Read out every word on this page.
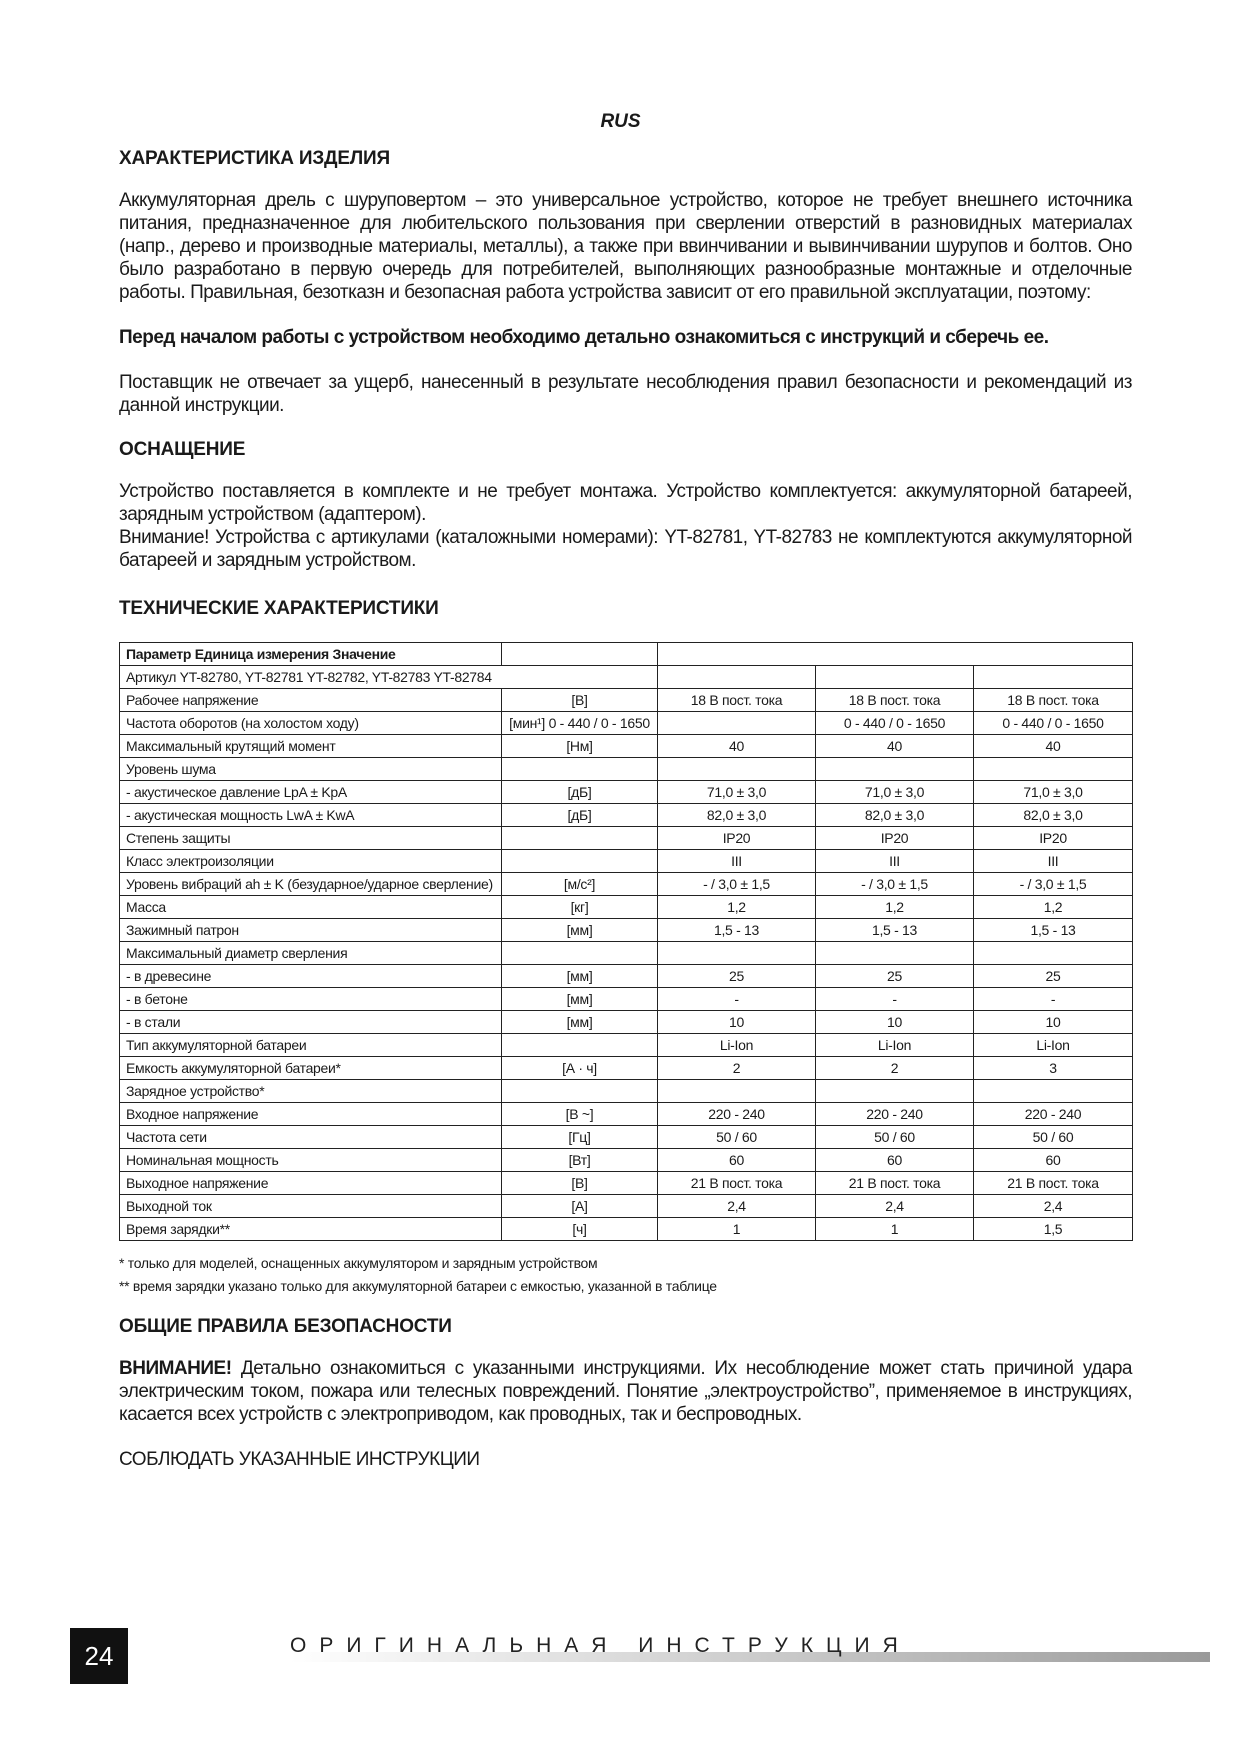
RUS
ХАРАКТЕРИСТИКА ИЗДЕЛИЯ

Аккумуляторная дрель с шуруповертом – это универсальное устройство, которое не требует внешнего источника питания, предназначенное для любительского пользования при сверлении отверстий в разновидных материалах (напр., дерево и производные материалы, металлы), а также при ввинчивании и вывинчивании шурупов и болтов. Оно было разработано в первую очередь для потребителей, выполняющих разнообразные монтажные и отделочные работы. Правильная, безотказн и безопасная работа устройства зависит от его правильной эксплуатации, поэтому:

Перед началом работы с устройством необходимо детально ознакомиться с инструкций и сберечь ее.

Поставщик не отвечает за ущерб, нанесенный в результате несоблюдения правил безопасности и рекомендаций из данной инструкции.

ОСНАЩЕНИЕ

Устройство поставляется в комплекте и не требует монтажа. Устройство комплектуется: аккумуляторной батареей, зарядным устройством (адаптером).

Внимание! Устройства с артикулами (каталожными номерами): YT-82781, YT-82783 не комплектуются аккумуляторной батареей и зарядным устройством.

ТЕХНИЧЕСКИЕ ХАРАКТЕРИСТИКИ
Параметр Единица измерения Значение				
Артикул YT-82780, YT-82781 YT-82782, YT-82783 YT-82784				
Рабочее напряжение	[В]	18 В пост. тока	18 В пост. тока	18 В пост. тока
Частота оборотов (на холостом ходу)	[мин¹] 0 - 440 / 0 - 1650		0 - 440 / 0 - 1650	0 - 440 / 0 - 1650
Максимальный крутящий момент	[Нм]	40	40	40
Уровень шума				
- акустическое давление LpA ± KpA	[дБ]	71,0 ± 3,0	71,0 ± 3,0	71,0 ± 3,0
- акустическая мощность LwA ± KwA	[дБ]	82,0 ± 3,0	82,0 ± 3,0	82,0 ± 3,0
Степень защиты		IP20	IP20	IP20
Класс электроизоляции		III	III	III
Уровень вибраций ah ± K (безударное/ударное сверление)	[м/с²]	- / 3,0 ± 1,5	- / 3,0 ± 1,5	- / 3,0 ± 1,5
Масса	[кг]	1,2	1,2	1,2
Зажимный патрон	[мм]	1,5 - 13	1,5 - 13	1,5 - 13
Максимальный диаметр сверления				
- в древесине	[мм]	25	25	25
- в бетоне	[мм]	-	-	-
- в стали	[мм]	10	10	10
Тип аккумуляторной батареи		Li-Ion	Li-Ion	Li-Ion
Емкость аккумуляторной батареи*	[А · ч]	2	2	3
Зарядное устройство*				
Входное напряжение	[В ~]	220 - 240	220 - 240	220 - 240
Частота сети	[Гц]	50 / 60	50 / 60	50 / 60
Номинальная мощность	[Вт]	60	60	60
Выходное напряжение	[В]	21 В пост. тока	21 В пост. тока	21 В пост. тока
Выходной ток	[А]	2,4	2,4	2,4
Время зарядки**	[ч]	1	1	1,5
* только для моделей, оснащенных аккумулятором и зарядным устройством
** время зарядки указано только для аккумуляторной батареи с емкостью, указанной в таблице
ОБЩИЕ ПРАВИЛА БЕЗОПАСНОСТИ

ВНИМАНИЕ! Детально ознакомиться с указанными инструкциями. Их несоблюдение может стать причиной удара электрическим током, пожара или телесных повреждений. Понятие „электроустройство”, применяемое в инструкциях, касается всех устройств с электроприводом, как проводных, так и беспроводных.

СОБЛЮДАТЬ УКАЗАННЫЕ ИНСТРУКЦИИ

24	ОРИГИНАЛЬНАЯ ИНСТРУКЦИЯ
